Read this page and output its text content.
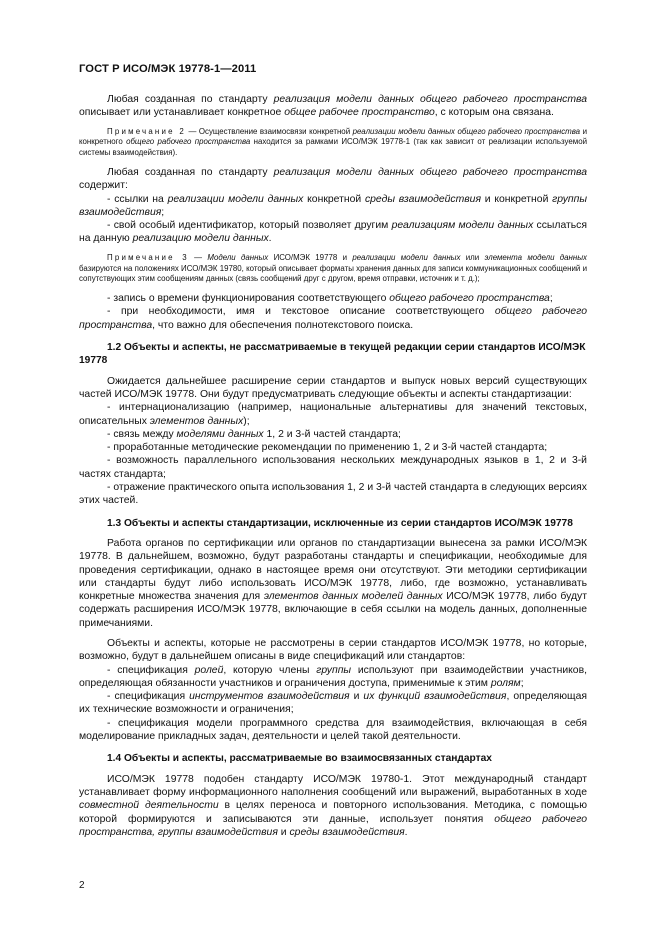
ГОСТ Р ИСО/МЭК 19778-1—2011

Любая созданная по стандарту реализация модели данных общего рабочего пространства описывает или устанавливает конкретное общее рабочее пространство, с которым она связана.

Примечание 2 — Осуществление взаимосвязи конкретной реализации модели данных общего рабочего пространства и конкретного общего рабочего пространства находится за рамками ИСО/МЭК 19778-1 (так как зависит от реализации используемой системы взаимодействия).

Любая созданная по стандарту реализация модели данных общего рабочего пространства содержит:

- ссылки на реализации модели данных конкретной среды взаимодействия и конкретной группы взаимодействия;

- свой особый идентификатор, который позволяет другим реализациям модели данных ссылаться на данную реализацию модели данных.

Примечание 3 — Модели данных ИСО/МЭК 19778 и реализации модели данных или элемента модели данных базируются на положениях ИСО/МЭК 19780, который описывает форматы хранения данных для записи коммуникационных сообщений и сопутствующих этим сообщениям данных (связь сообщений друг с другом, время отправки, источник и т. д.);

- запись о времени функционирования соответствующего общего рабочего пространства;

- при необходимости, имя и текстовое описание соответствующего общего рабочего пространства, что важно для обеспечения полнотекстового поиска.

1.2 Объекты и аспекты, не рассматриваемые в текущей редакции серии стандартов ИСО/МЭК 19778

Ожидается дальнейшее расширение серии стандартов и выпуск новых версий существующих частей ИСО/МЭК 19778. Они будут предусматривать следующие объекты и аспекты стандартизации:

- интернационализацию (например, национальные альтернативы для значений текстовых, описательных элементов данных);

- связь между моделями данных 1, 2 и 3-й частей стандарта;

- проработанные методические рекомендации по применению 1, 2 и 3-й частей стандарта;

- возможность параллельного использования нескольких международных языков в 1, 2 и 3-й частях стандарта;

- отражение практического опыта использования 1, 2 и 3-й частей стандарта в следующих версиях этих частей.

1.3 Объекты и аспекты стандартизации, исключенные из серии стандартов ИСО/МЭК 19778

Работа органов по сертификации или органов по стандартизации вынесена за рамки ИСО/МЭК 19778. В дальнейшем, возможно, будут разработаны стандарты и спецификации, необходимые для проведения сертификации, однако в настоящее время они отсутствуют. Эти методики сертификации или стандарты будут либо использовать ИСО/МЭК 19778, либо, где возможно, устанавливать конкретные множества значения для элементов данных моделей данных ИСО/МЭК 19778, либо будут содержать расширения ИСО/МЭК 19778, включающие в себя ссылки на модель данных, дополненные примечаниями.

Объекты и аспекты, которые не рассмотрены в серии стандартов ИСО/МЭК 19778, но которые, возможно, будут в дальнейшем описаны в виде спецификаций или стандартов:

- спецификация ролей, которую члены группы используют при взаимодействии участников, определяющая обязанности участников и ограничения доступа, применимые к этим ролям;

- спецификация инструментов взаимодействия и их функций взаимодействия, определяющая их технические возможности и ограничения;

- спецификация модели программного средства для взаимодействия, включающая в себя моделирование прикладных задач, деятельности и целей такой деятельности.

1.4 Объекты и аспекты, рассматриваемые во взаимосвязанных стандартах

ИСО/МЭК 19778 подобен стандарту ИСО/МЭК 19780-1. Этот международный стандарт устанавливает форму информационного наполнения сообщений или выражений, выработанных в ходе совместной деятельности в целях переноса и повторного использования. Методика, с помощью которой формируются и записываются эти данные, использует понятия общего рабочего пространства, группы взаимодействия и среды взаимодействия.

2
